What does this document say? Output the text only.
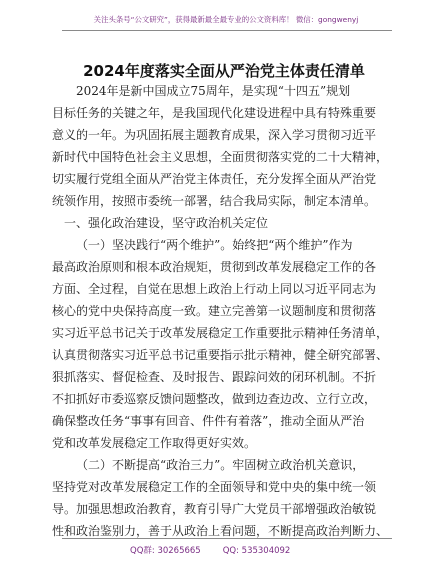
关注头条号“公文研究”，获得最新最全最专业的公文资料库！ 微信：gongwenyj
2024年度落实全面从严治党主体责任清单
2024年是新中国成立75周年，是实现“十四五”规划
目标任务的关键之年，是我国现代化建设进程中具有特殊重要
意义的一年。为巩固拓展主题教育成果，深入学习贯彻习近平
新时代中国特色社会主义思想，全面贯彻落实党的二十大精神，
切实履行党组全面从严治党主体责任，充分发挥全面从严治党
统领作用，按照市委统一部署，结合我局实际，制定本清单。
一、强化政治建设，坚守政治机关定位
（一）坚决践行“两个维护”。始终把“两个维护”作为
最高政治原则和根本政治规矩，贯彻到改革发展稳定工作的各
方面、全过程，自觉在思想上政治上行动上同以习近平同志为
核心的党中央保持高度一致。建立完善第一议题制度和贯彻落
实习近平总书记关于改革发展稳定工作重要批示精神任务清单，
认真贯彻落实习近平总书记重要指示批示精神，健全研究部署、
狠抓落实、督促检查、及时报告、跟踪问效的闭环机制。不折
不扣抓好市委巡察反馈问题整改，做到边查边改、立行立改，
确保整改任务“事事有回音、件件有着落”，推动全面从严治
党和改革发展稳定工作取得更好实效。
（二）不断提高“政治三力”。牢固树立政治机关意识，
坚持党对改革发展稳定工作的全面领导和党中央的集中统一领
导。加强思想政治教育，教育引导广大党员干部增强政治敏锐
性和政治鉴别力，善于从政治上看问题，不断提高政治判断力、
QQ群: 30265665	QQ: 535304092
